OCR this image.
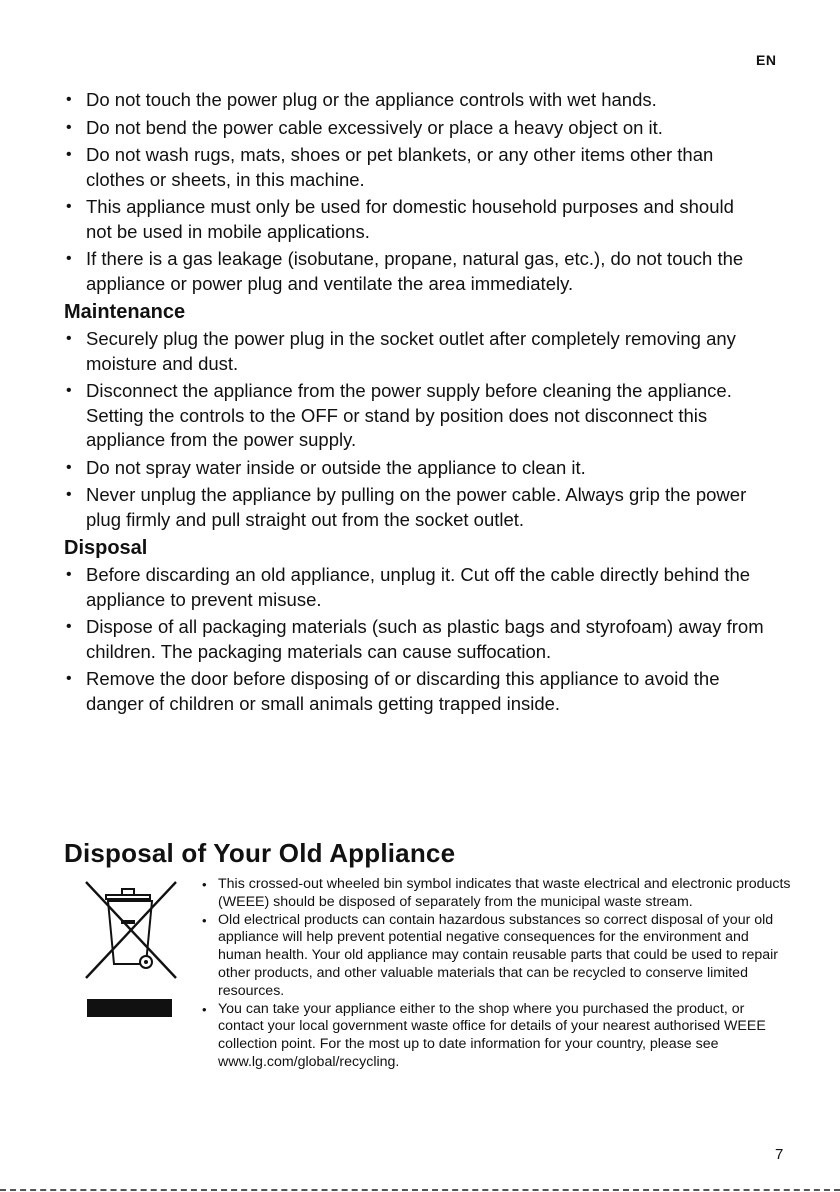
EN
• Do not touch the power plug or the appliance controls with wet hands.
• Do not bend the power cable excessively or place a heavy object on it.
• Do not wash rugs, mats, shoes or pet blankets, or any other items other than clothes or sheets, in this machine.
• This appliance must only be used for domestic household purposes and should not be used in mobile applications.
• If there is a gas leakage (isobutane, propane, natural gas, etc.), do not touch the appliance or power plug and ventilate the area immediately.
Maintenance
• Securely plug the power plug in the socket outlet after completely removing any moisture and dust.
• Disconnect the appliance from the power supply before cleaning the appliance. Setting the controls to the OFF or stand by position does not disconnect this appliance from the power supply.
• Do not spray water inside or outside the appliance to clean it.
• Never unplug the appliance by pulling on the power cable. Always grip the power plug firmly and pull straight out from the socket outlet.
Disposal
• Before discarding an old appliance, unplug it. Cut off the cable directly behind the appliance to prevent misuse.
• Dispose of all packaging materials (such as plastic bags and styrofoam) away from children. The packaging materials can cause suffocation.
• Remove the door before disposing of or discarding this appliance to avoid the danger of children or small animals getting trapped inside.
Disposal of Your Old Appliance
• This crossed-out wheeled bin symbol indicates that waste electrical and electronic products (WEEE) should be disposed of separately from the municipal waste stream.
• Old electrical products can contain hazardous substances so correct disposal of your old appliance will help prevent potential negative consequences for the environment and human health. Your old appliance may contain reusable parts that could be used to repair other products, and other valuable materials that can be recycled to conserve limited resources.
• You can take your appliance either to the shop where you purchased the product, or contact your local government waste office for details of your nearest authorised WEEE collection point. For the most up to date information for your country, please see www.lg.com/global/recycling.
7
